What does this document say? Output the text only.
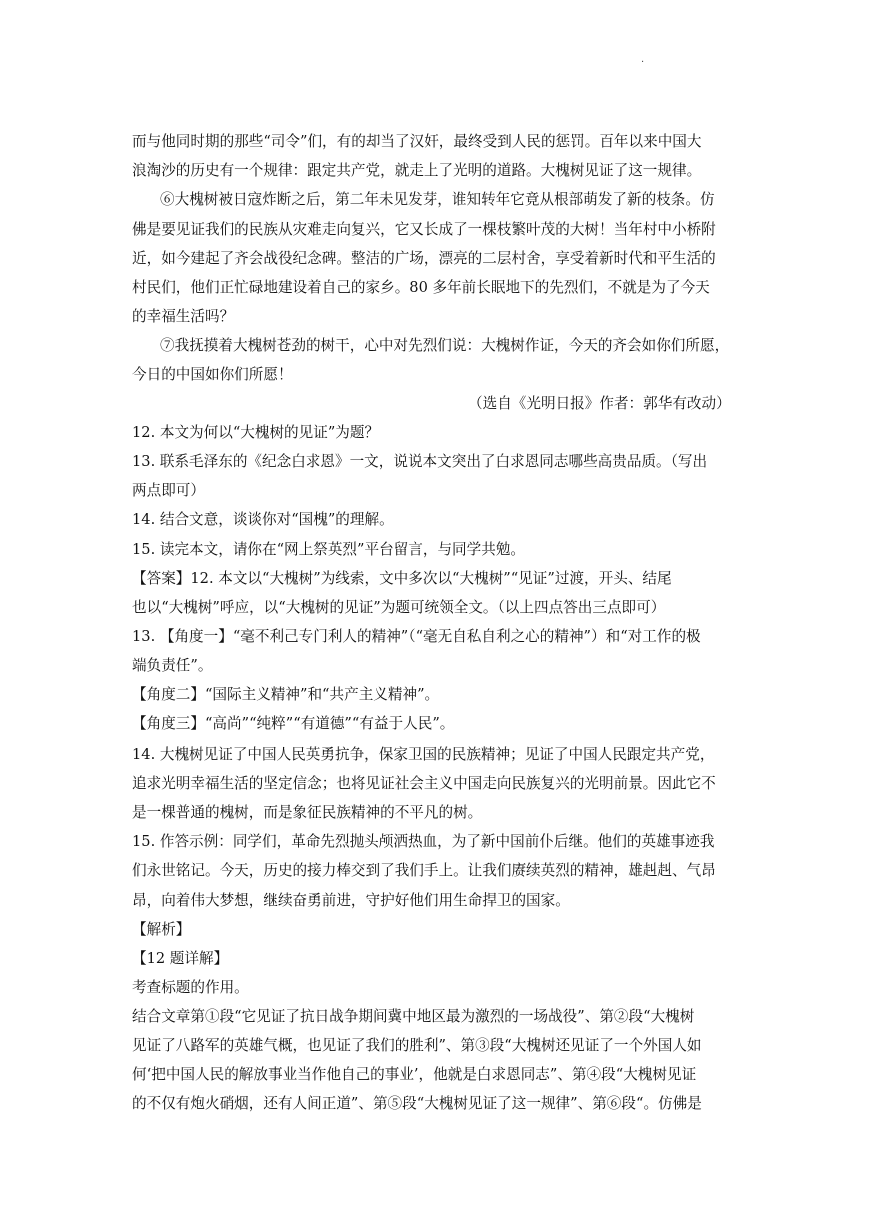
.
而与他同时期的那些“司令”们，有的却当了汉奸，最终受到人民的惩罚。百年以来中国大
浪淘沙的历史有一个规律：跟定共产党，就走上了光明的道路。大槐树见证了这一规律。
⑥大槐树被日寇炸断之后，第二年未见发芽，谁知转年它竟从根部萌发了新的枝条。仿
佛是要见证我们的民族从灾难走向复兴，它又长成了一棵枝繁叶茂的大树！当年村中小桥附
近，如今建起了齐会战役纪念碑。整洁的广场，漂亮的二层村舍，享受着新时代和平生活的
村民们，他们正忙碌地建设着自己的家乡。80 多年前长眠地下的先烈们，不就是为了今天
的幸福生活吗？
⑦我抚摸着大槐树苍劲的树干，心中对先烈们说：大槐树作证，今天的齐会如你们所愿，
今日的中国如你们所愿！
（选自《光明日报》作者：郭华有改动）
12. 本文为何以“大槐树的见证”为题？
13. 联系毛泽东的《纪念白求恩》一文，说说本文突出了白求恩同志哪些高贵品质。（写出
两点即可）
14. 结合文意，谈谈你对“国槐”的理解。
15. 读完本文，请你在“网上祭英烈”平台留言，与同学共勉。
【答案】12. 本文以“大槐树”为线索，文中多次以“大槐树”“见证”过渡，开头、结尾
也以“大槐树”呼应，以“大槐树的见证”为题可统领全文。（以上四点答出三点即可）
13. 【角度一】“毫不利己专门利人的精神”（“毫无自私自利之心的精神”）和“对工作的极
端负责任”。
【角度二】“国际主义精神”和“共产主义精神”。
【角度三】“高尚”“纯粹”“有道德”“有益于人民”。
14. 大槐树见证了中国人民英勇抗争，保家卫国的民族精神；见证了中国人民跟定共产党，
追求光明幸福生活的坚定信念；也将见证社会主义中国走向民族复兴的光明前景。因此它不
是一棵普通的槐树，而是象征民族精神的不平凡的树。
15. 作答示例：同学们，革命先烈抛头颅洒热血，为了新中国前仆后继。他们的英雄事迹我
们永世铭记。今天，历史的接力棒交到了我们手上。让我们赓续英烈的精神，雄赳赳、气昂
昂，向着伟大梦想，继续奋勇前进，守护好他们用生命捍卫的国家。
【解析】
【12 题详解】
考查标题的作用。
结合文章第①段“它见证了抗日战争期间冀中地区最为激烈的一场战役”、第②段“大槐树
见证了八路军的英雄气概，也见证了我们的胜利”、第③段“大槐树还见证了一个外国人如
何‘把中国人民的解放事业当作他自己的事业’，他就是白求恩同志”、第④段“大槐树见证
的不仅有炮火硝烟，还有人间正道”、第⑤段“大槐树见证了这一规律”、第⑥段“。仿佛是
